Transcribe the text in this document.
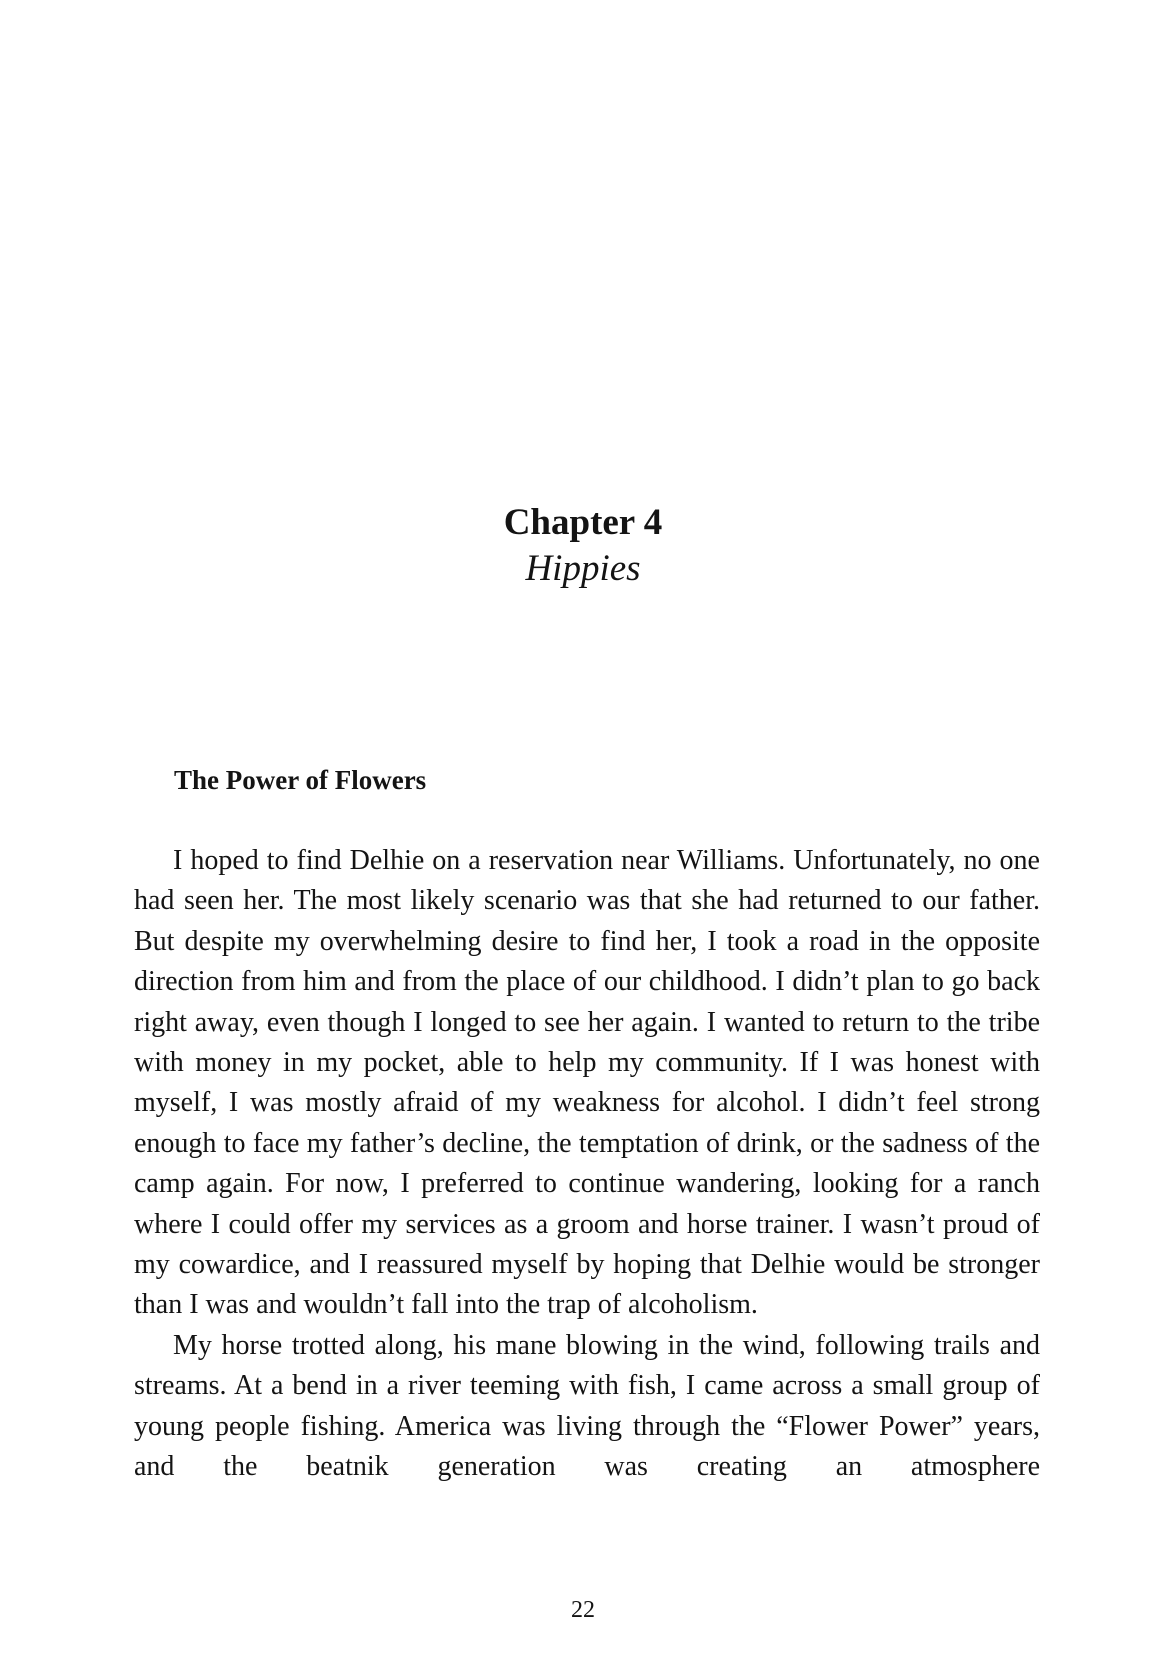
Chapter 4
Hippies
The Power of Flowers

I hoped to find Delhie on a reservation near Williams. Unfortunately, no one had seen her. The most likely scenario was that she had returned to our father. But despite my overwhelming desire to find her, I took a road in the opposite direction from him and from the place of our childhood. I didn’t plan to go back right away, even though I longed to see her again. I wanted to return to the tribe with money in my pocket, able to help my community. If I was honest with myself, I was mostly afraid of my weakness for alcohol. I didn’t feel strong enough to face my father’s decline, the temptation of drink, or the sadness of the camp again. For now, I preferred to continue wandering, looking for a ranch where I could offer my services as a groom and horse trainer. I wasn’t proud of my cowardice, and I reassured myself by hoping that Delhie would be stronger than I was and wouldn’t fall into the trap of alcoholism.

My horse trotted along, his mane blowing in the wind, following trails and streams. At a bend in a river teeming with fish, I came across a small group of young people fishing. America was living through the “Flower Power” years, and the beatnik generation was creating an atmosphere

22
